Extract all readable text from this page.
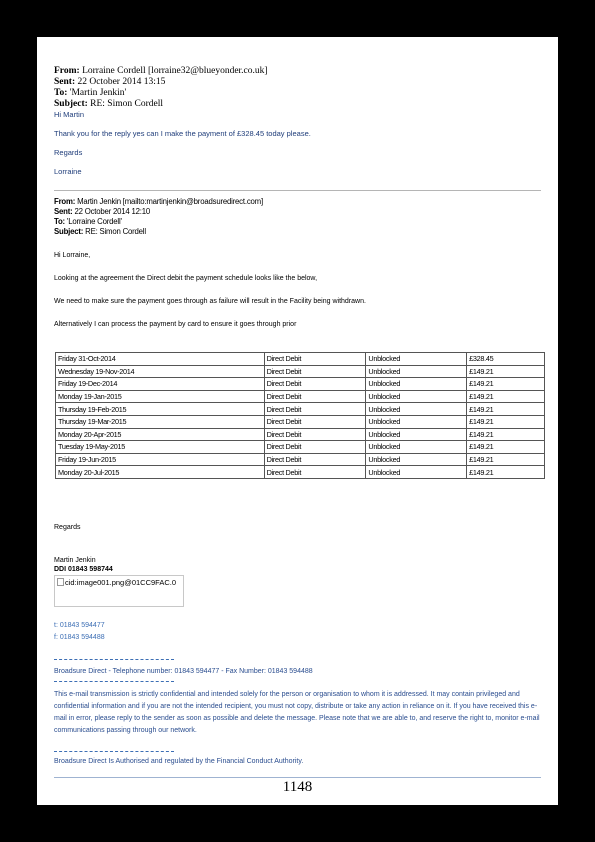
From: Lorraine Cordell [lorraine32@blueyonder.co.uk]
Sent: 22 October 2014 13:15
To: 'Martin Jenkin'
Subject: RE: Simon Cordell
Hi Martin
Thank you for the reply yes can I make the payment of £328.45 today please.
Regards
Lorraine
From: Martin Jenkin [mailto:martinjenkin@broadsuredirect.com]
Sent: 22 October 2014 12:10
To: 'Lorraine Cordell'
Subject: RE: Simon Cordell
Hi Lorraine,
Looking at the agreement the Direct debit the payment schedule looks like the below,
We need to make sure the payment goes through as failure will result in the Facility being withdrawn.
Alternatively I can process the payment by card to ensure it goes through prior
Friday 31-Oct-2014	Direct Debit	Unblocked	£328.45
Wednesday 19-Nov-2014	Direct Debit	Unblocked	£149.21
Friday 19-Dec-2014	Direct Debit	Unblocked	£149.21
Monday 19-Jan-2015	Direct Debit	Unblocked	£149.21
Thursday 19-Feb-2015	Direct Debit	Unblocked	£149.21
Thursday 19-Mar-2015	Direct Debit	Unblocked	£149.21
Monday 20-Apr-2015	Direct Debit	Unblocked	£149.21
Tuesday 19-May-2015	Direct Debit	Unblocked	£149.21
Friday 19-Jun-2015	Direct Debit	Unblocked	£149.21
Monday 20-Jul-2015	Direct Debit	Unblocked	£149.21
Regards
Martin Jenkin
DDI 01843 598744
cid:image001.png@01CC9FAC.0
t: 01843 594477
f: 01843 594488
Broadsure Direct - Telephone number: 01843 594477 - Fax Number: 01843 594488
This e-mail transmission is strictly confidential and intended solely for the person or organisation to whom it is addressed. It may contain privileged and confidential information and if you are not the intended recipient, you must not copy, distribute or take any action in reliance on it. If you have received this e-mail in error, please reply to the sender as soon as possible and delete the message. Please note that we are able to, and reserve the right to, monitor e-mail communications passing through our network.
Broadsure Direct Is Authorised and regulated by the Financial Conduct Authority.
1148
